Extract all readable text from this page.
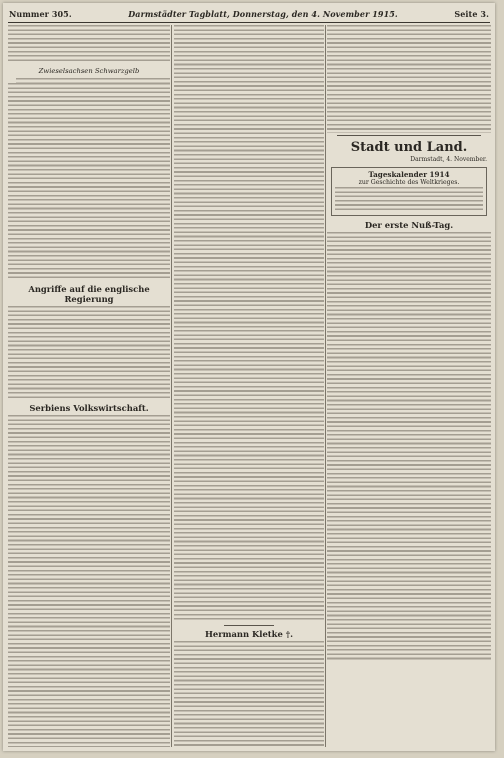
Nummer 305.	Darmstädter Tagblatt, Donnerstag, den 4. November 1915.	Seite 3.
Zwieselsachsen Schwarzgelb
Angriffe auf die englische Regierung
Serbiens Volkswirtschaft.
Hermann Kletke †.
Stadt und Land.
Darmstadt, 4. November.
Tageskalender 1914
zur Geschichte des Weltkrieges.
Der erste Nuß-Tag.
